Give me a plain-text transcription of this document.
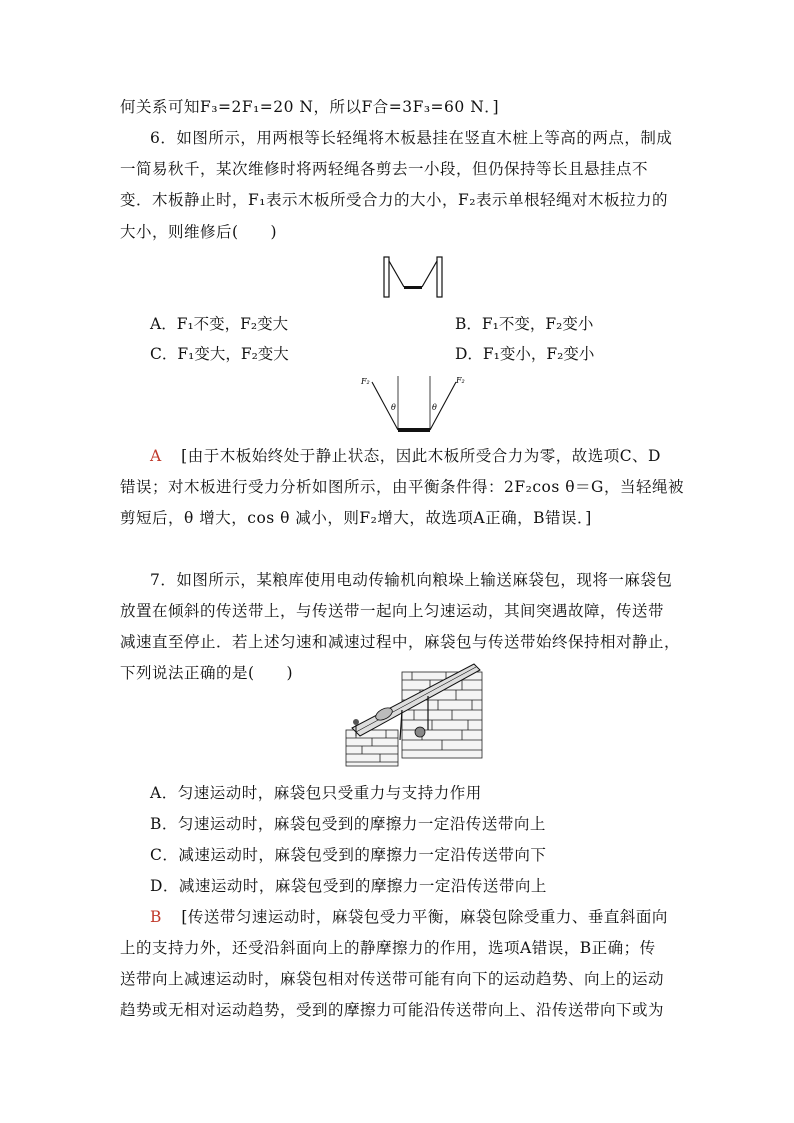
何关系可知F₃=2F₁=20 N，所以F合=3F₃=60 N．]
6．如图所示，用两根等长轻绳将木板悬挂在竖直木桩上等高的两点，制成
一简易秋千，某次维修时将两轻绳各剪去一小段，但仍保持等长且悬挂点不
变．木板静止时，F₁表示木板所受合力的大小，F₂表示单根轻绳对木板拉力的
大小，则维修后(　　)
A．F₁不变，F₂变大	B．F₁不变，F₂变小
C．F₁变大，F₂变大	D．F₁变小，F₂变小
F₂	F₂
θ	θ
A [由于木板始终处于静止状态，因此木板所受合力为零，故选项C、D
错误；对木板进行受力分析如图所示，由平衡条件得：2F₂cos θ＝G，当轻绳被
剪短后，θ 增大，cos θ 减小，则F₂增大，故选项A正确，B错误．]
7．如图所示，某粮库使用电动传输机向粮垛上输送麻袋包，现将一麻袋包
放置在倾斜的传送带上，与传送带一起向上匀速运动，其间突遇故障，传送带
减速直至停止．若上述匀速和减速过程中，麻袋包与传送带始终保持相对静止，
下列说法正确的是(　　)
A．匀速运动时，麻袋包只受重力与支持力作用
B．匀速运动时，麻袋包受到的摩擦力一定沿传送带向上
C．减速运动时，麻袋包受到的摩擦力一定沿传送带向下
D．减速运动时，麻袋包受到的摩擦力一定沿传送带向上
B [传送带匀速运动时，麻袋包受力平衡，麻袋包除受重力、垂直斜面向
上的支持力外，还受沿斜面向上的静摩擦力的作用，选项A错误，B正确；传
送带向上减速运动时，麻袋包相对传送带可能有向下的运动趋势、向上的运动
趋势或无相对运动趋势，受到的摩擦力可能沿传送带向上、沿传送带向下或为
